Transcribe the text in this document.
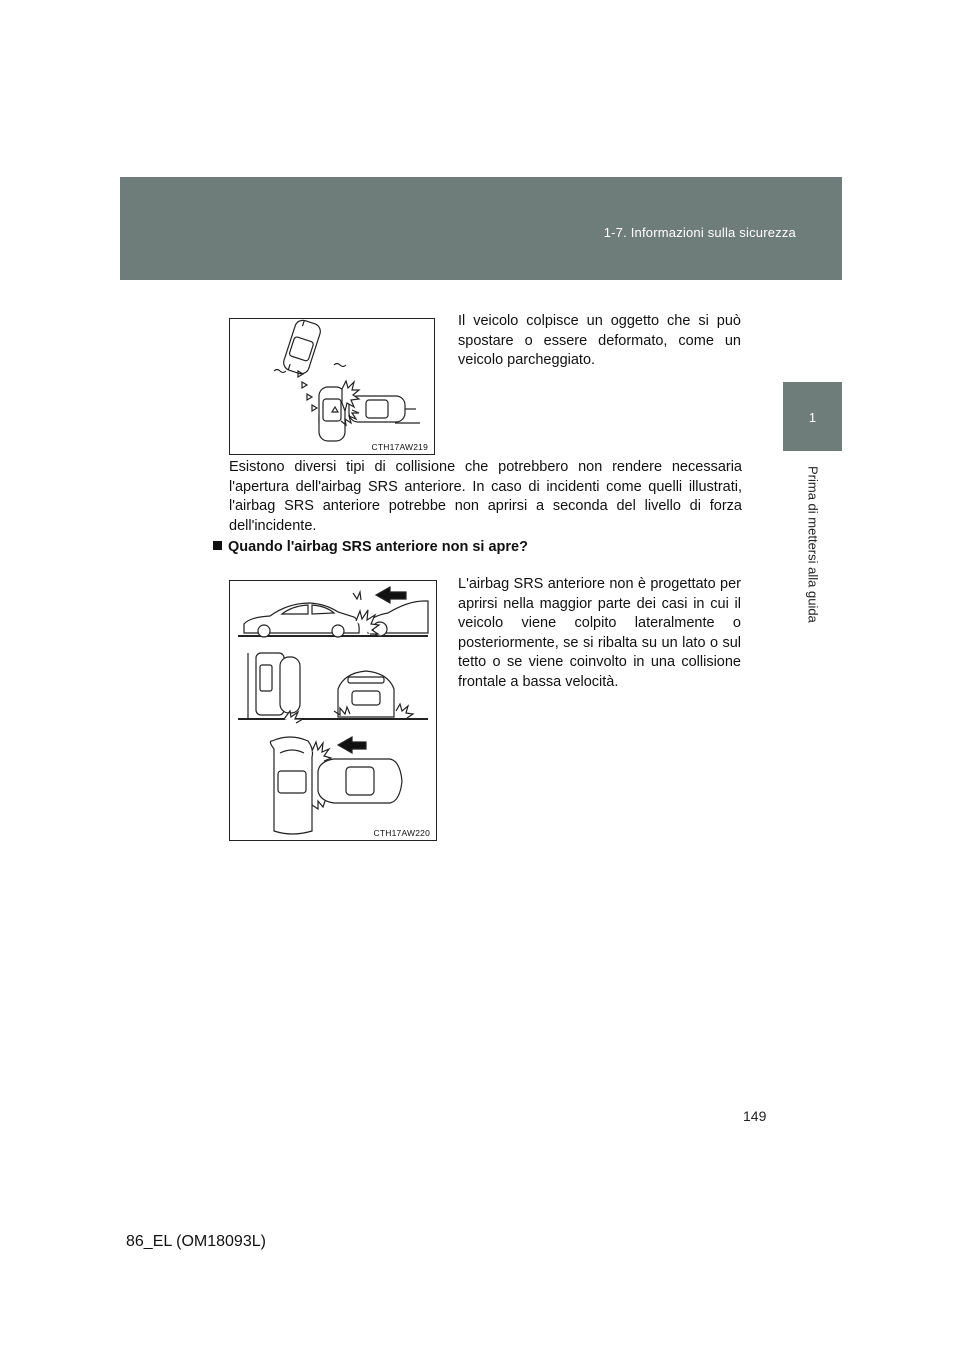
1-7. Informazioni sulla sicurezza
1
Prima di mettersi alla guida
CTH17AW219
Il veicolo colpisce un oggetto che si può spostare o essere deformato, come un veicolo parcheggiato.
Esistono diversi tipi di collisione che potrebbero non rendere necessaria l'apertura dell'airbag SRS anteriore. In caso di incidenti come quelli illustrati, l'airbag SRS anteriore potrebbe non aprirsi a seconda del livello di forza dell'incidente.
Quando l'airbag SRS anteriore non si apre?
CTH17AW220
L'airbag SRS anteriore non è progettato per aprirsi nella maggior parte dei casi in cui il veicolo viene colpito lateralmente o posteriormente, se si ribalta su un lato o sul tetto o se viene coinvolto in una collisione frontale a bassa velocità.
149
86_EL (OM18093L)
